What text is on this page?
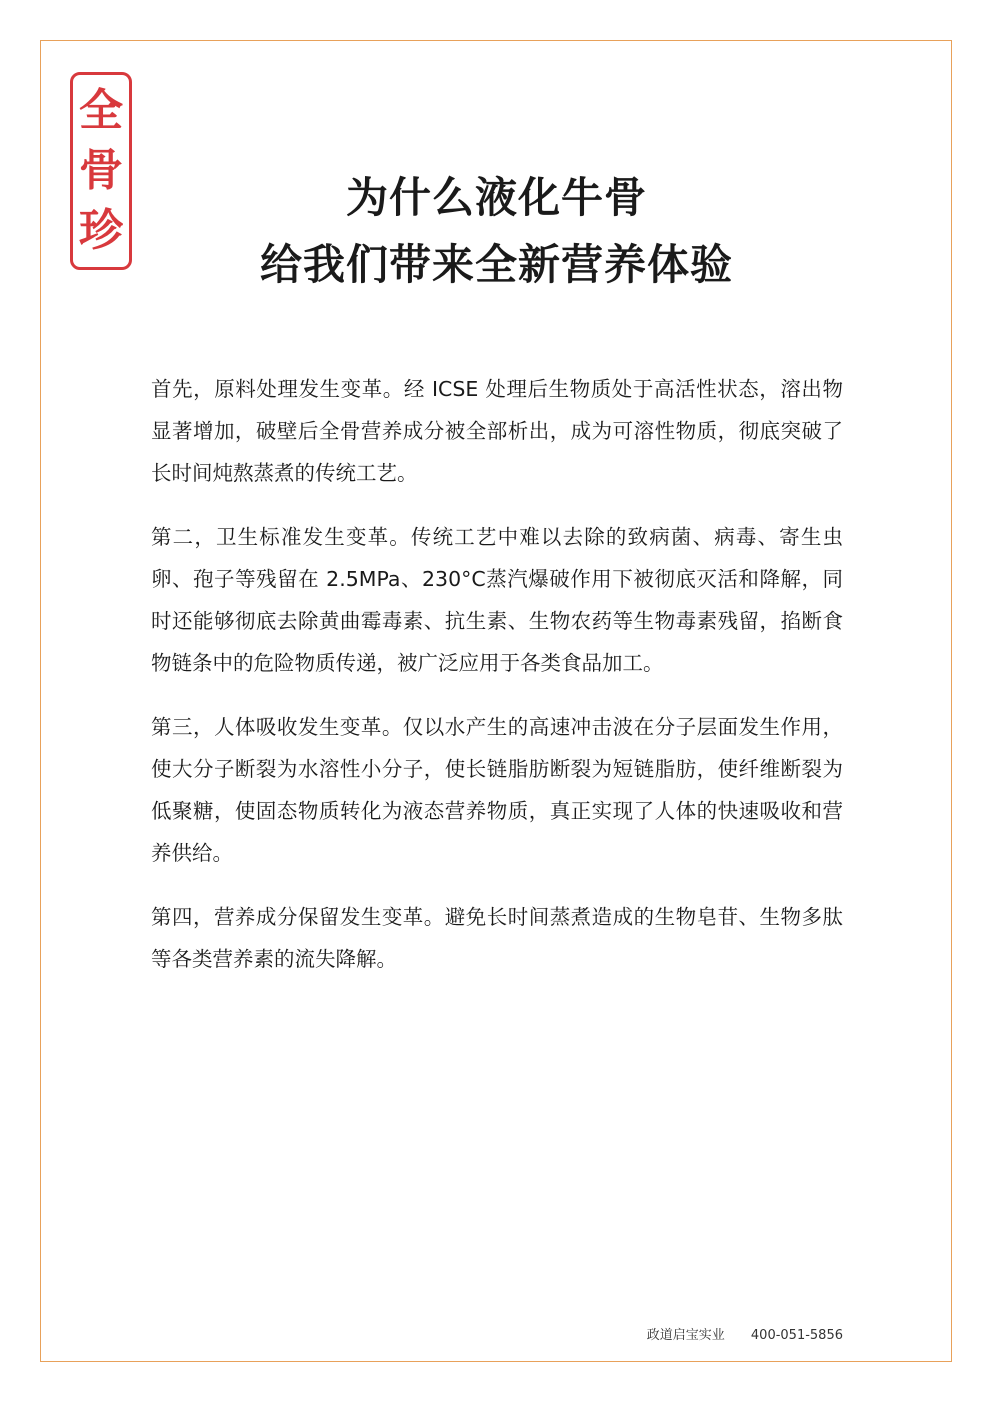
全
骨
珍
为什么液化牛骨
给我们带来全新营养体验

首先，原料处理发生变革。经 ICSE 处理后生物质处于高活性状态，溶出物显著增加，破壁后全骨营养成分被全部析出，成为可溶性物质，彻底突破了长时间炖熬蒸煮的传统工艺。

第二，卫生标准发生变革。传统工艺中难以去除的致病菌、病毒、寄生虫卵、孢子等残留在 2.5MPa、230°C蒸汽爆破作用下被彻底灭活和降解，同时还能够彻底去除黄曲霉毒素、抗生素、生物农药等生物毒素残留，掐断食物链条中的危险物质传递，被广泛应用于各类食品加工。

第三，人体吸收发生变革。仅以水产生的高速冲击波在分子层面发生作用，使大分子断裂为水溶性小分子，使长链脂肪断裂为短链脂肪，使纤维断裂为低聚糖，使固态物质转化为液态营养物质，真正实现了人体的快速吸收和营养供给。

第四，营养成分保留发生变革。避免长时间蒸煮造成的生物皂苷、生物多肽等各类营养素的流失降解。

政道启宝实业 400-051-5856
